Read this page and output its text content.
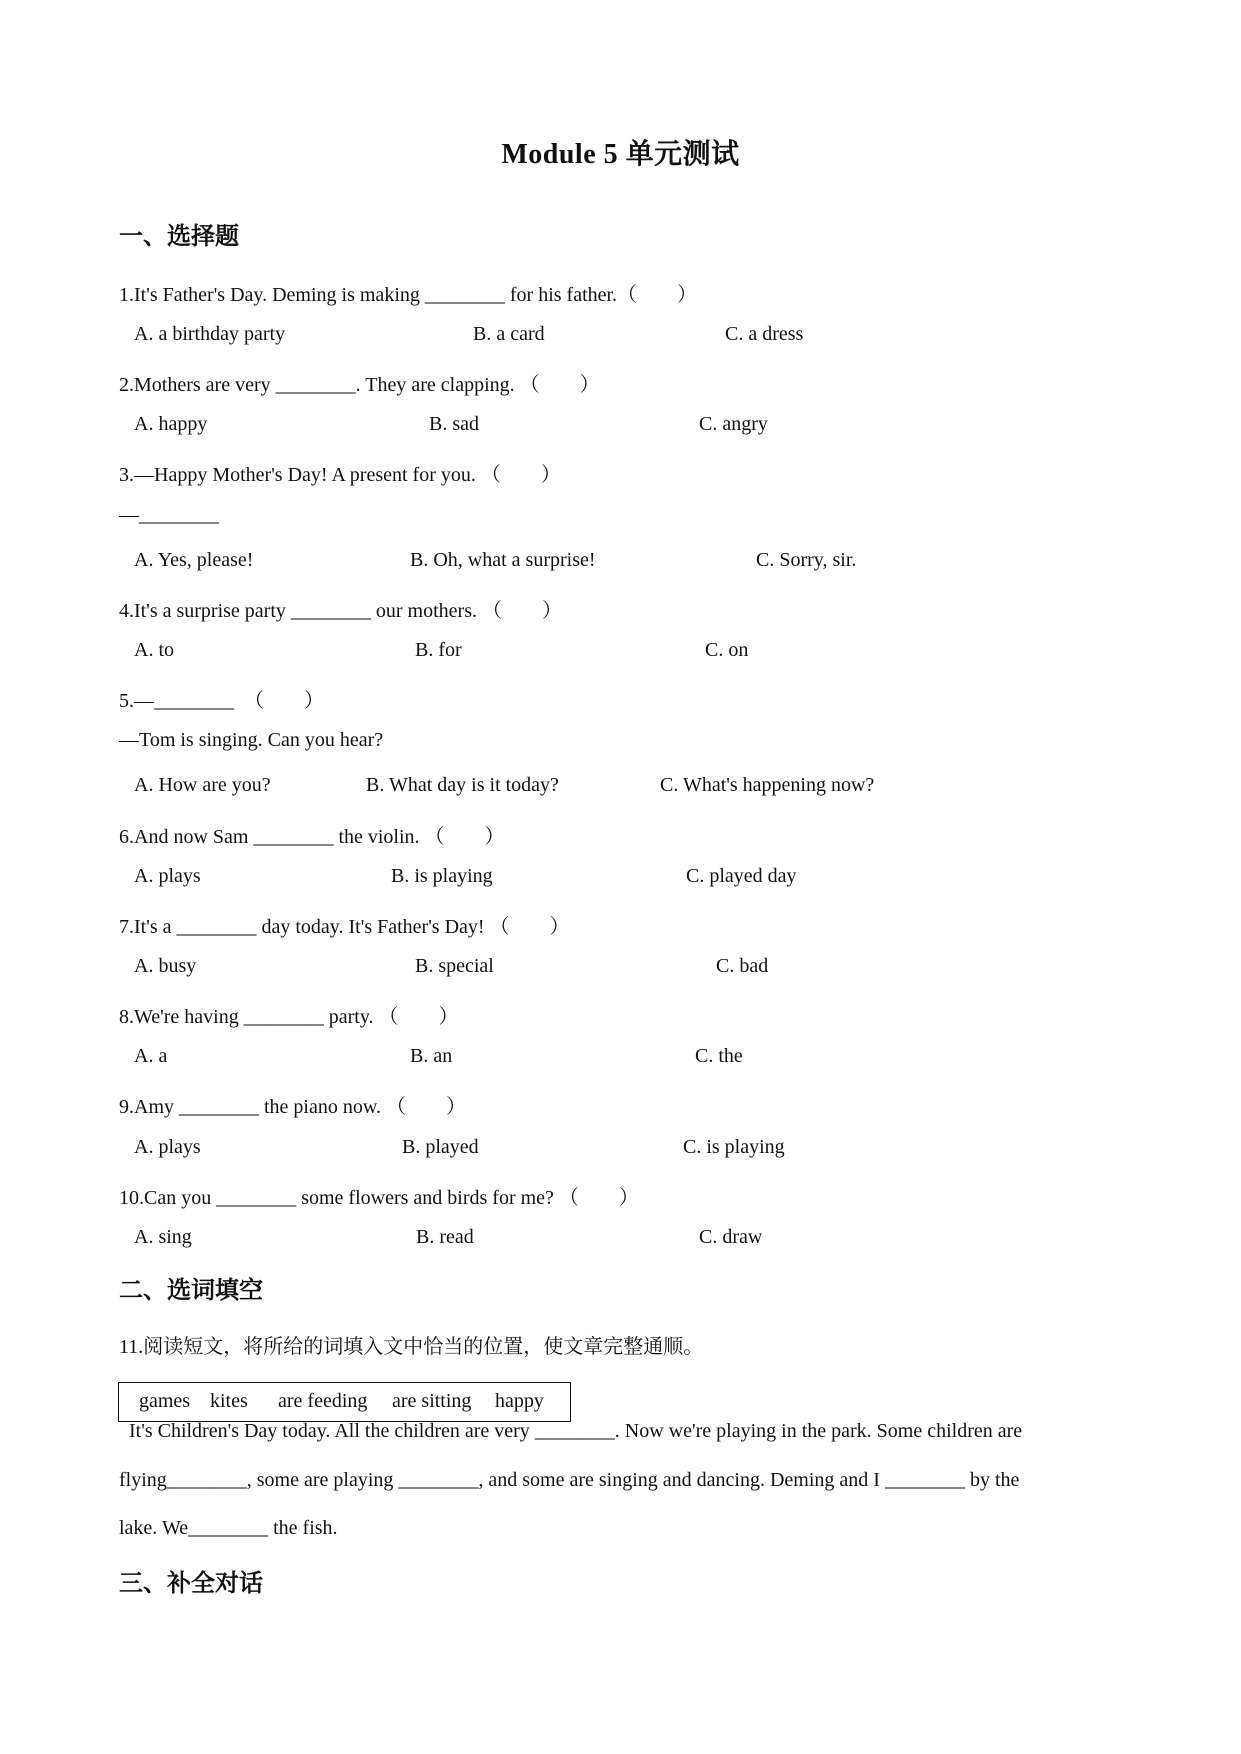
Module 5 单元测试
一、选择题
1.It's Father's Day. Deming is making ________ for his father.（　　）
A. a birthday party	B. a card	C. a dress
2.Mothers are very ________. They are clapping. （　　）
A. happy	B. sad	C. angry
3.—Happy Mother's Day! A present for you. （　　）
—________
A. Yes, please!	B. Oh, what a surprise!	C. Sorry, sir.
4.It's a surprise party ________ our mothers. （　　）
A. to	B. for	C. on
5.—________　（　　）
—Tom is singing. Can you hear?
A. How are you?	B. What day is it today?	C. What's happening now?
6.And now Sam ________ the violin. （　　）
A. plays	B. is playing	C. played day
7.It's a ________ day today. It's Father's Day! （　　）
A. busy	B. special	C. bad
8.We're having ________ party. （　　）
A. a	B. an	C. the
9.Amy ________ the piano now. （　　）
A. plays	B. played	C. is playing
10.Can you ________ some flowers and birds for me? （　　）
A. sing	B. read	C. draw
二、选词填空
11.阅读短文，将所给的词填入文中恰当的位置，使文章完整通顺。
games kites are feeding are sitting happy
It's Children's Day today. All the children are very ________. Now we're playing in the park. Some children are
flying________, some are playing ________, and some are singing and dancing. Deming and I ________ by the
lake. We________ the fish.
三、补全对话
